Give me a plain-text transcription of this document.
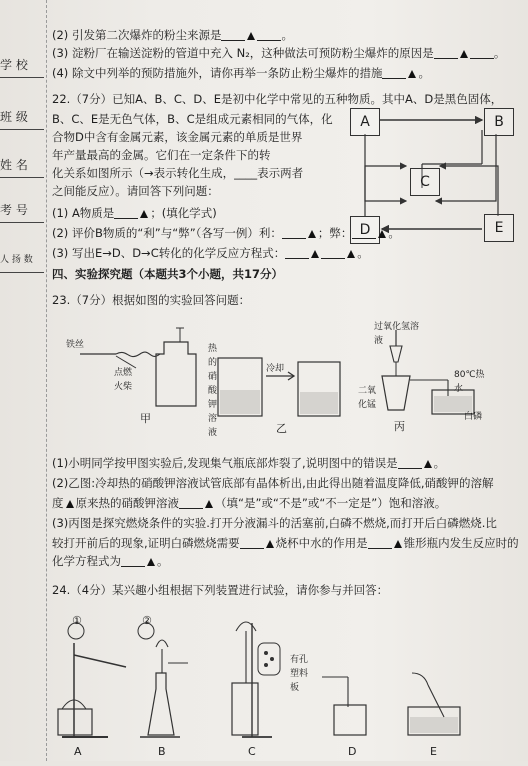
学 校
班 级
姓 名
考 号
人 扬 数
(2) 引发第二次爆炸的粉尘来源是	。
(3) 淀粉厂在输送淀粉的管道中充入 N₂，这种做法可预防粉尘爆炸的原因是	。
(4) 除文中列举的预防措施外，请你再举一条防止粉尘爆炸的措施	。
22.（7分）已知A、B、C、D、E是初中化学中常见的五种物质。其中A、D是黑色固体，
B、C、E是无色气体，B、C是组成元素相同的气体，化
合物D中含有金属元素，该金属元素的单质是世界
年产量最高的金属。它们在一定条件下的转
化关系如图所示（→表示转化生成，____表示两者
之间能反应）。请回答下列问题：
A	B
C
D	E
(1) A物质是	；(填化学式)
(2) 评价B物质的“利”与“弊”（各写一例）利：	；弊：	。
(3) 写出E→D、D→C转化的化学反应方程式：	。
四、实验探究题（本题共3个小题，共17分）
23.（7分）根据如图的实验回答问题：
铁丝
点燃火柴
热的硝酸钾溶液
冷却
过氧化氢溶液
二氧化锰
80℃热水
白磷
甲
乙	丙
(1)小明同学按甲图实验后,发现集气瓶底部炸裂了,说明图中的错误是	。
(2)乙图:冷却热的硝酸钾溶液试管底部有晶体析出,由此得出随着温度降低,硝酸钾的溶解
度 原来热的硝酸钾溶液	（填“是”或“不是”或“不一定是”）饱和溶液。
(3)丙图是探究燃烧条件的实验.打开分液漏斗的活塞前,白磷不燃烧,而打开后白磷燃烧.比
较打开前后的现象,证明白磷燃烧需要	烧杯中水的作用是	锥形瓶内发生反应时的
化学方程式为	。
24.（4分）某兴趣小组根据下列装置进行试验，请你参与并回答：
①	②
有孔塑料板
A	B	C	D	E
